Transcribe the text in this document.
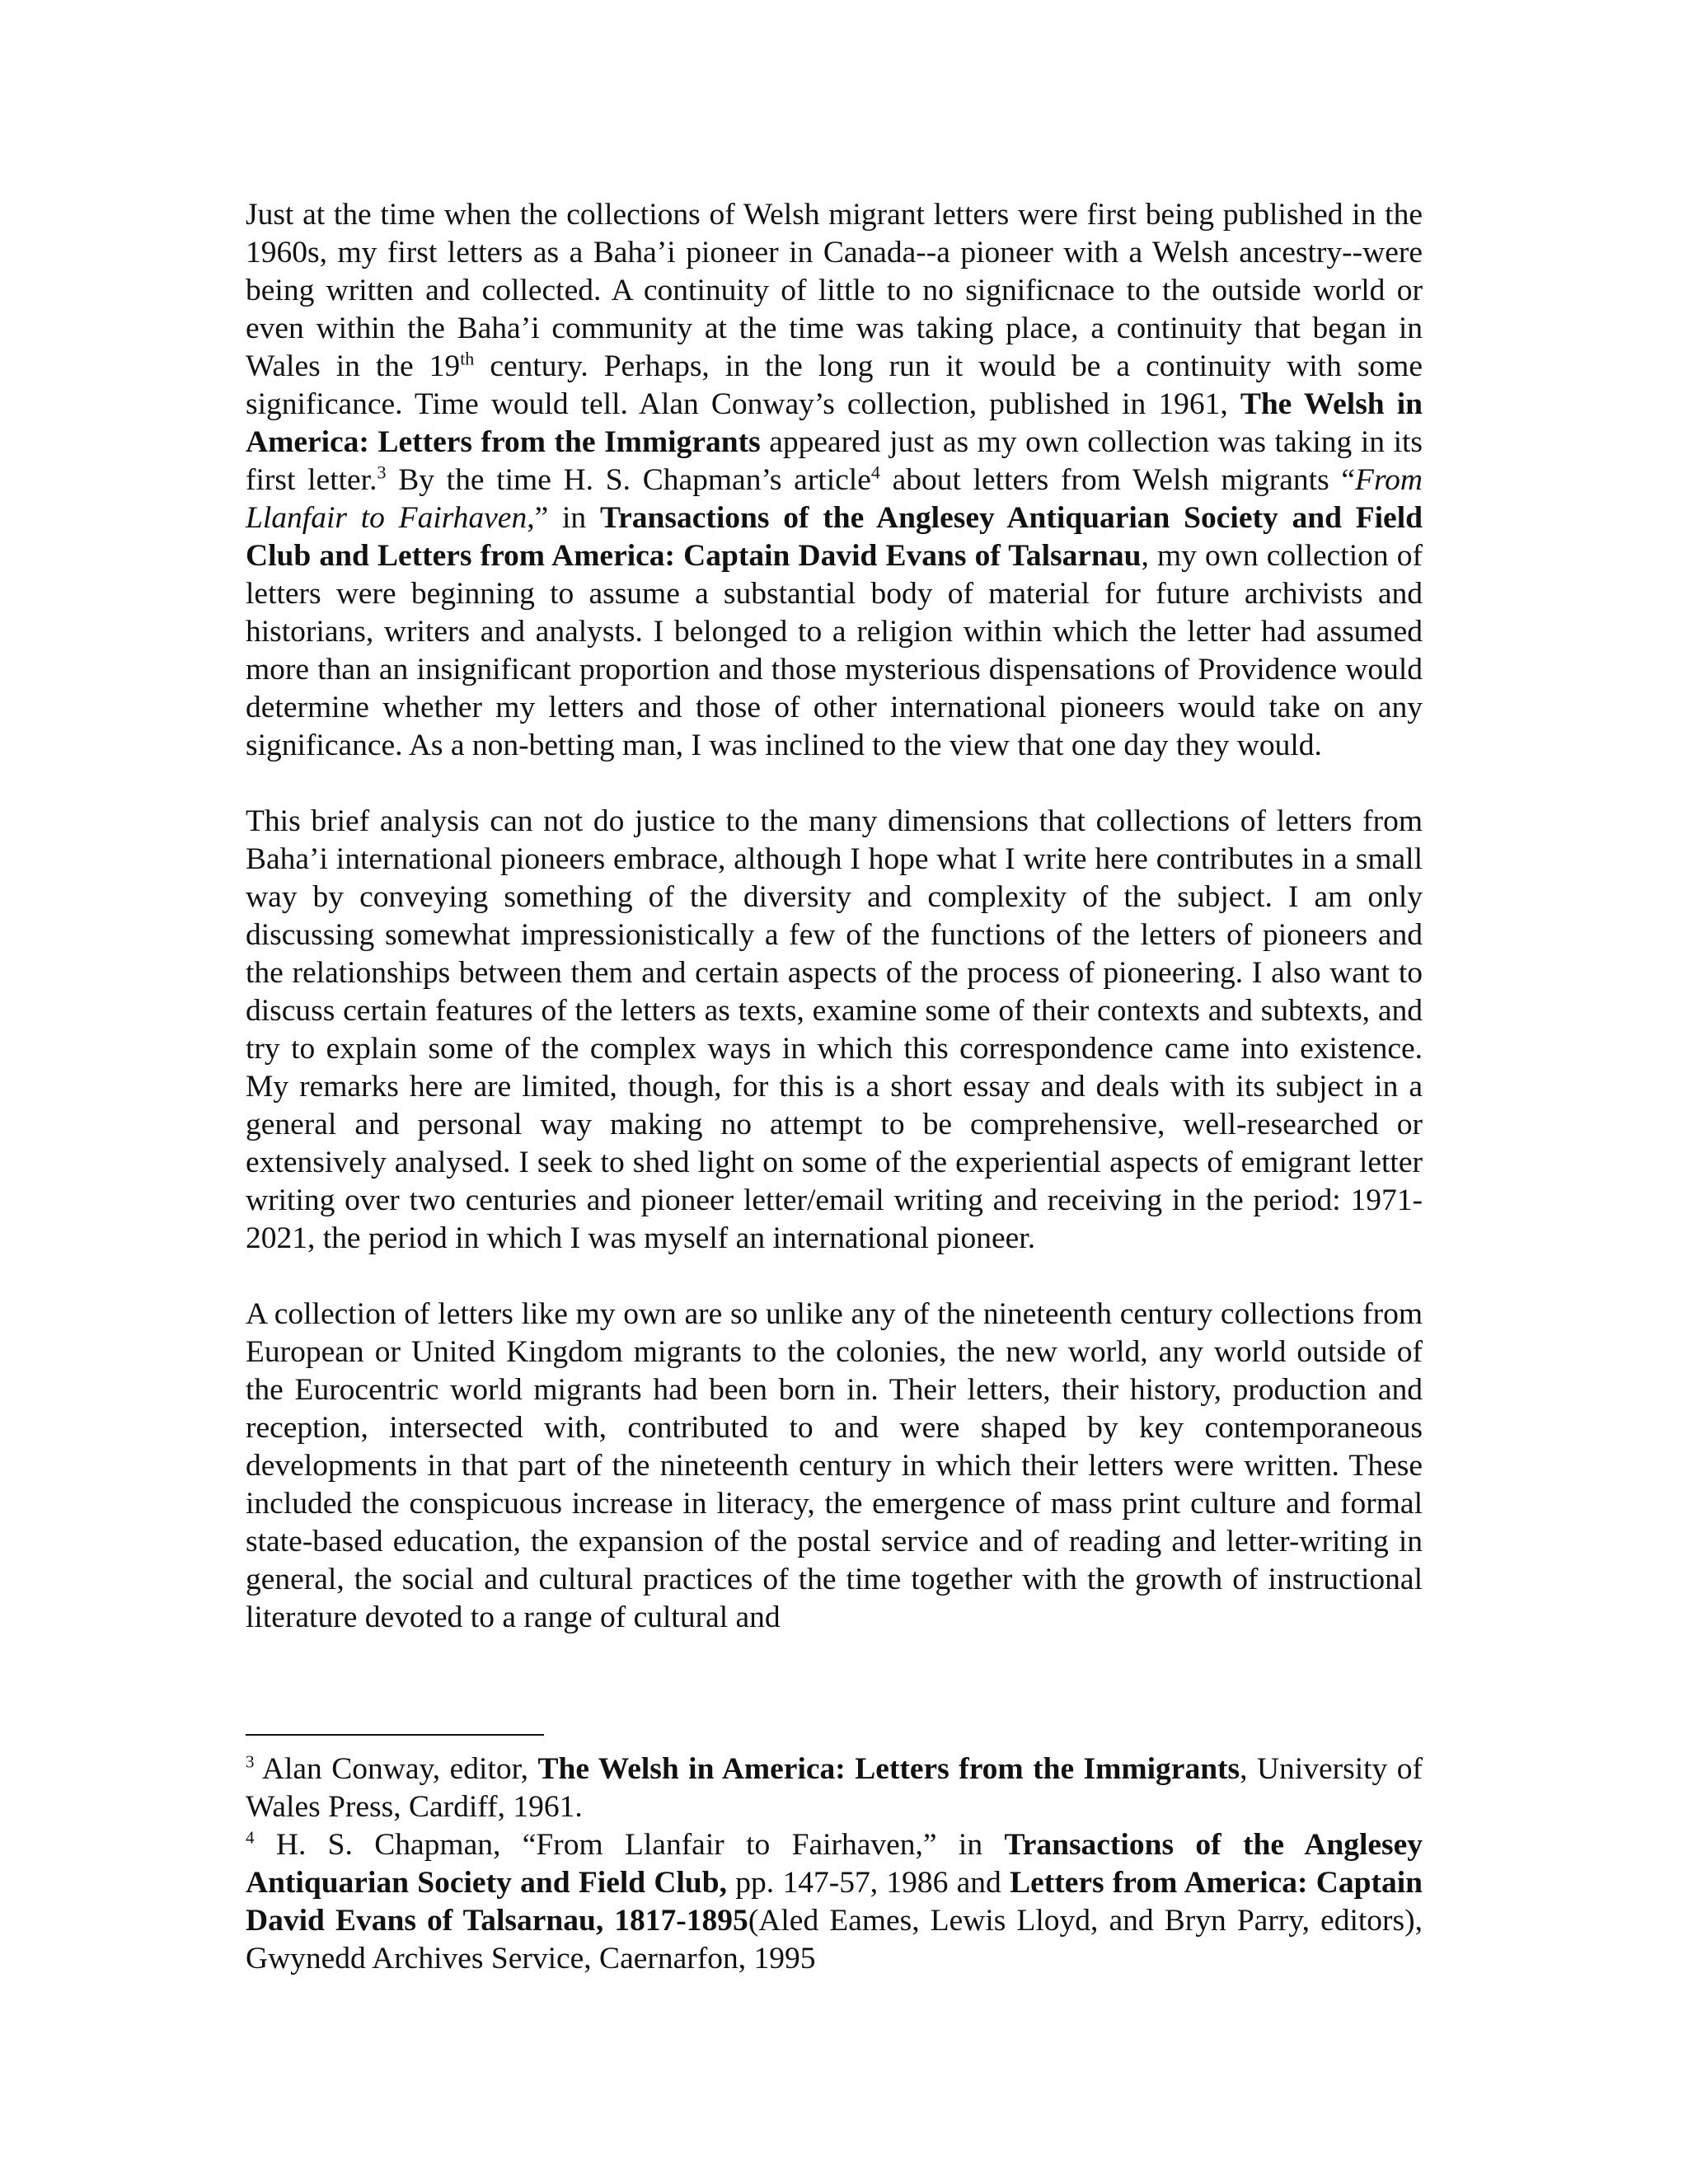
Just at the time when the collections of Welsh migrant letters were first being published in the 1960s, my first letters as a Baha’i pioneer in Canada--a pioneer with a Welsh ancestry--were being written and collected. A continuity of little to no significnace to the outside world or even within the Baha’i community at the time was taking place, a continuity that began in Wales in the 19th century. Perhaps, in the long run it would be a continuity with some significance. Time would tell. Alan Conway’s collection, published in 1961, The Welsh in America: Letters from the Immigrants appeared just as my own collection was taking in its first letter.$^3$ By the time H. S. Chapman’s article$^4$ about letters from Welsh migrants “From Llanfair to Fairhaven,” in Transactions of the Anglesey Antiquarian Society and Field Club and Letters from America: Captain David Evans of Talsarnau, my own collection of letters were beginning to assume a substantial body of material for future archivists and historians, writers and analysts. I belonged to a religion within which the letter had assumed more than an insignificant proportion and those mysterious dispensations of Providence would determine whether my letters and those of other international pioneers would take on any significance. As a non-betting man, I was inclined to the view that one day they would.

This brief analysis can not do justice to the many dimensions that collections of letters from Baha’i international pioneers embrace, although I hope what I write here contributes in a small way by conveying something of the diversity and complexity of the subject. I am only discussing somewhat impressionistically a few of the functions of the letters of pioneers and the relationships between them and certain aspects of the process of pioneering. I also want to discuss certain features of the letters as texts, examine some of their contexts and subtexts, and try to explain some of the complex ways in which this correspondence came into existence. My remarks here are limited, though, for this is a short essay and deals with its subject in a general and personal way making no attempt to be comprehensive, well-researched or extensively analysed. I seek to shed light on some of the experiential aspects of emigrant letter writing over two centuries and pioneer letter/email writing and receiving in the period: 1971-2021, the period in which I was myself an international pioneer.

A collection of letters like my own are so unlike any of the nineteenth century collections from European or United Kingdom migrants to the colonies, the new world, any world outside of the Eurocentric world migrants had been born in. Their letters, their history, production and reception, intersected with, contributed to and were shaped by key contemporaneous developments in that part of the nineteenth century in which their letters were written. These included the conspicuous increase in literacy, the emergence of mass print culture and formal state-based education, the expansion of the postal service and of reading and letter-writing in general, the social and cultural practices of the time together with the growth of instructional literature devoted to a range of cultural and

$^3$ Alan Conway, editor, The Welsh in America: Letters from the Immigrants, University of Wales Press, Cardiff, 1961.

$^4$ H. S. Chapman, “From Llanfair to Fairhaven,” in Transactions of the Anglesey Antiquarian Society and Field Club, pp. 147-57, 1986 and Letters from America: Captain David Evans of Talsarnau, 1817-1895(Aled Eames, Lewis Lloyd, and Bryn Parry, editors), Gwynedd Archives Service, Caernarfon, 1995
